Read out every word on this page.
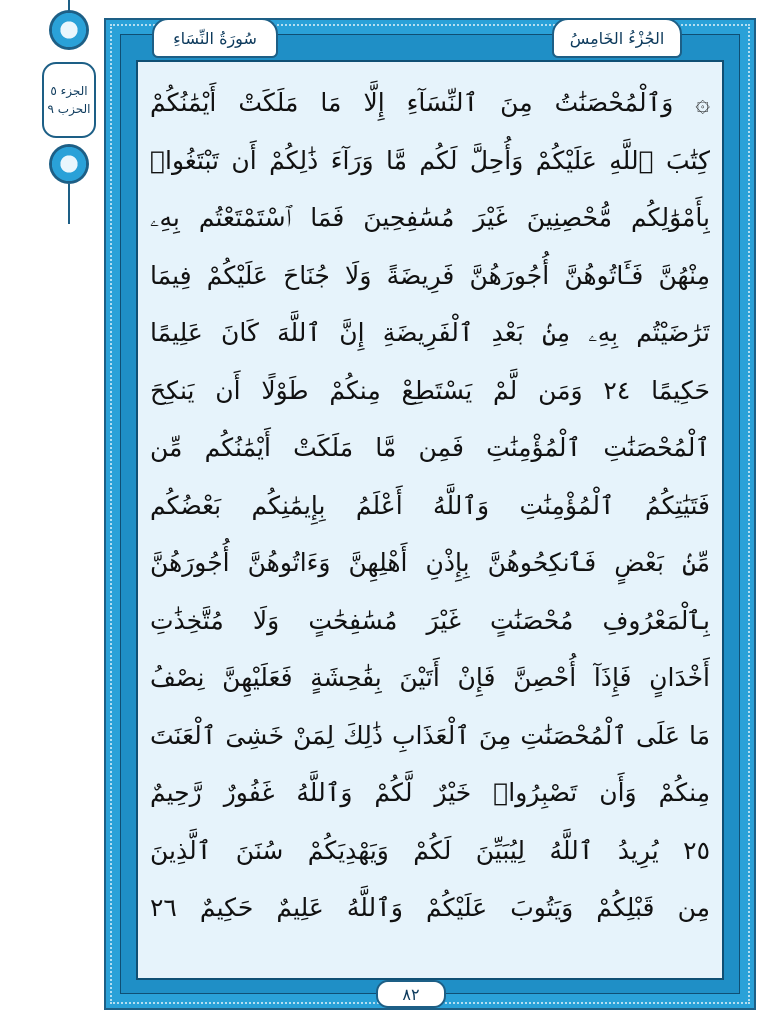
سُورَةُ النِّسَاءِ	الجُزْءُ الخَامِسُ
الجزء ٥
الحزب ٩ ۞ وَٱلْمُحْصَنَٰتُ مِنَ ٱلنِّسَآءِ إِلَّا مَا مَلَكَتْ أَيْمَٰنُكُمْ
كِتَٰبَ ٱللَّهِ عَلَيْكُمْ وَأُحِلَّ لَكُم مَّا وَرَآءَ ذَٰلِكُمْ أَن تَبْتَغُوا۟
بِأَمْوَٰلِكُم مُّحْصِنِينَ غَيْرَ مُسَٰفِحِينَ فَمَا ٱسْتَمْتَعْتُم بِهِۦ
مِنْهُنَّ فَـَٔاتُوهُنَّ أُجُورَهُنَّ فَرِيضَةً وَلَا جُنَاحَ عَلَيْكُمْ فِيمَا
تَرَٰضَيْتُم بِهِۦ مِنۢ بَعْدِ ٱلْفَرِيضَةِ إِنَّ ٱللَّهَ كَانَ عَلِيمًا
حَكِيمًا ٢٤ وَمَن لَّمْ يَسْتَطِعْ مِنكُمْ طَوْلًا أَن يَنكِحَ
ٱلْمُحْصَنَٰتِ ٱلْمُؤْمِنَٰتِ فَمِن مَّا مَلَكَتْ أَيْمَٰنُكُم مِّن
فَتَيَٰتِكُمُ ٱلْمُؤْمِنَٰتِ وَٱللَّهُ أَعْلَمُ بِإِيمَٰنِكُم بَعْضُكُم
مِّنۢ بَعْضٍ فَٱنكِحُوهُنَّ بِإِذْنِ أَهْلِهِنَّ وَءَاتُوهُنَّ أُجُورَهُنَّ
بِٱلْمَعْرُوفِ مُحْصَنَٰتٍ غَيْرَ مُسَٰفِحَٰتٍ وَلَا مُتَّخِذَٰتِ
أَخْدَانٍ فَإِذَآ أُحْصِنَّ فَإِنْ أَتَيْنَ بِفَٰحِشَةٍ فَعَلَيْهِنَّ نِصْفُ
مَا عَلَى ٱلْمُحْصَنَٰتِ مِنَ ٱلْعَذَابِ ذَٰلِكَ لِمَنْ خَشِىَ ٱلْعَنَتَ
مِنكُمْ وَأَن تَصْبِرُوا۟ خَيْرٌ لَّكُمْ وَٱللَّهُ غَفُورٌ رَّحِيمٌ
٢٥ يُرِيدُ ٱللَّهُ لِيُبَيِّنَ لَكُمْ وَيَهْدِيَكُمْ سُنَنَ ٱلَّذِينَ
مِن قَبْلِكُمْ وَيَتُوبَ عَلَيْكُمْ وَٱللَّهُ عَلِيمٌ حَكِيمٌ ٢٦
٨٢
